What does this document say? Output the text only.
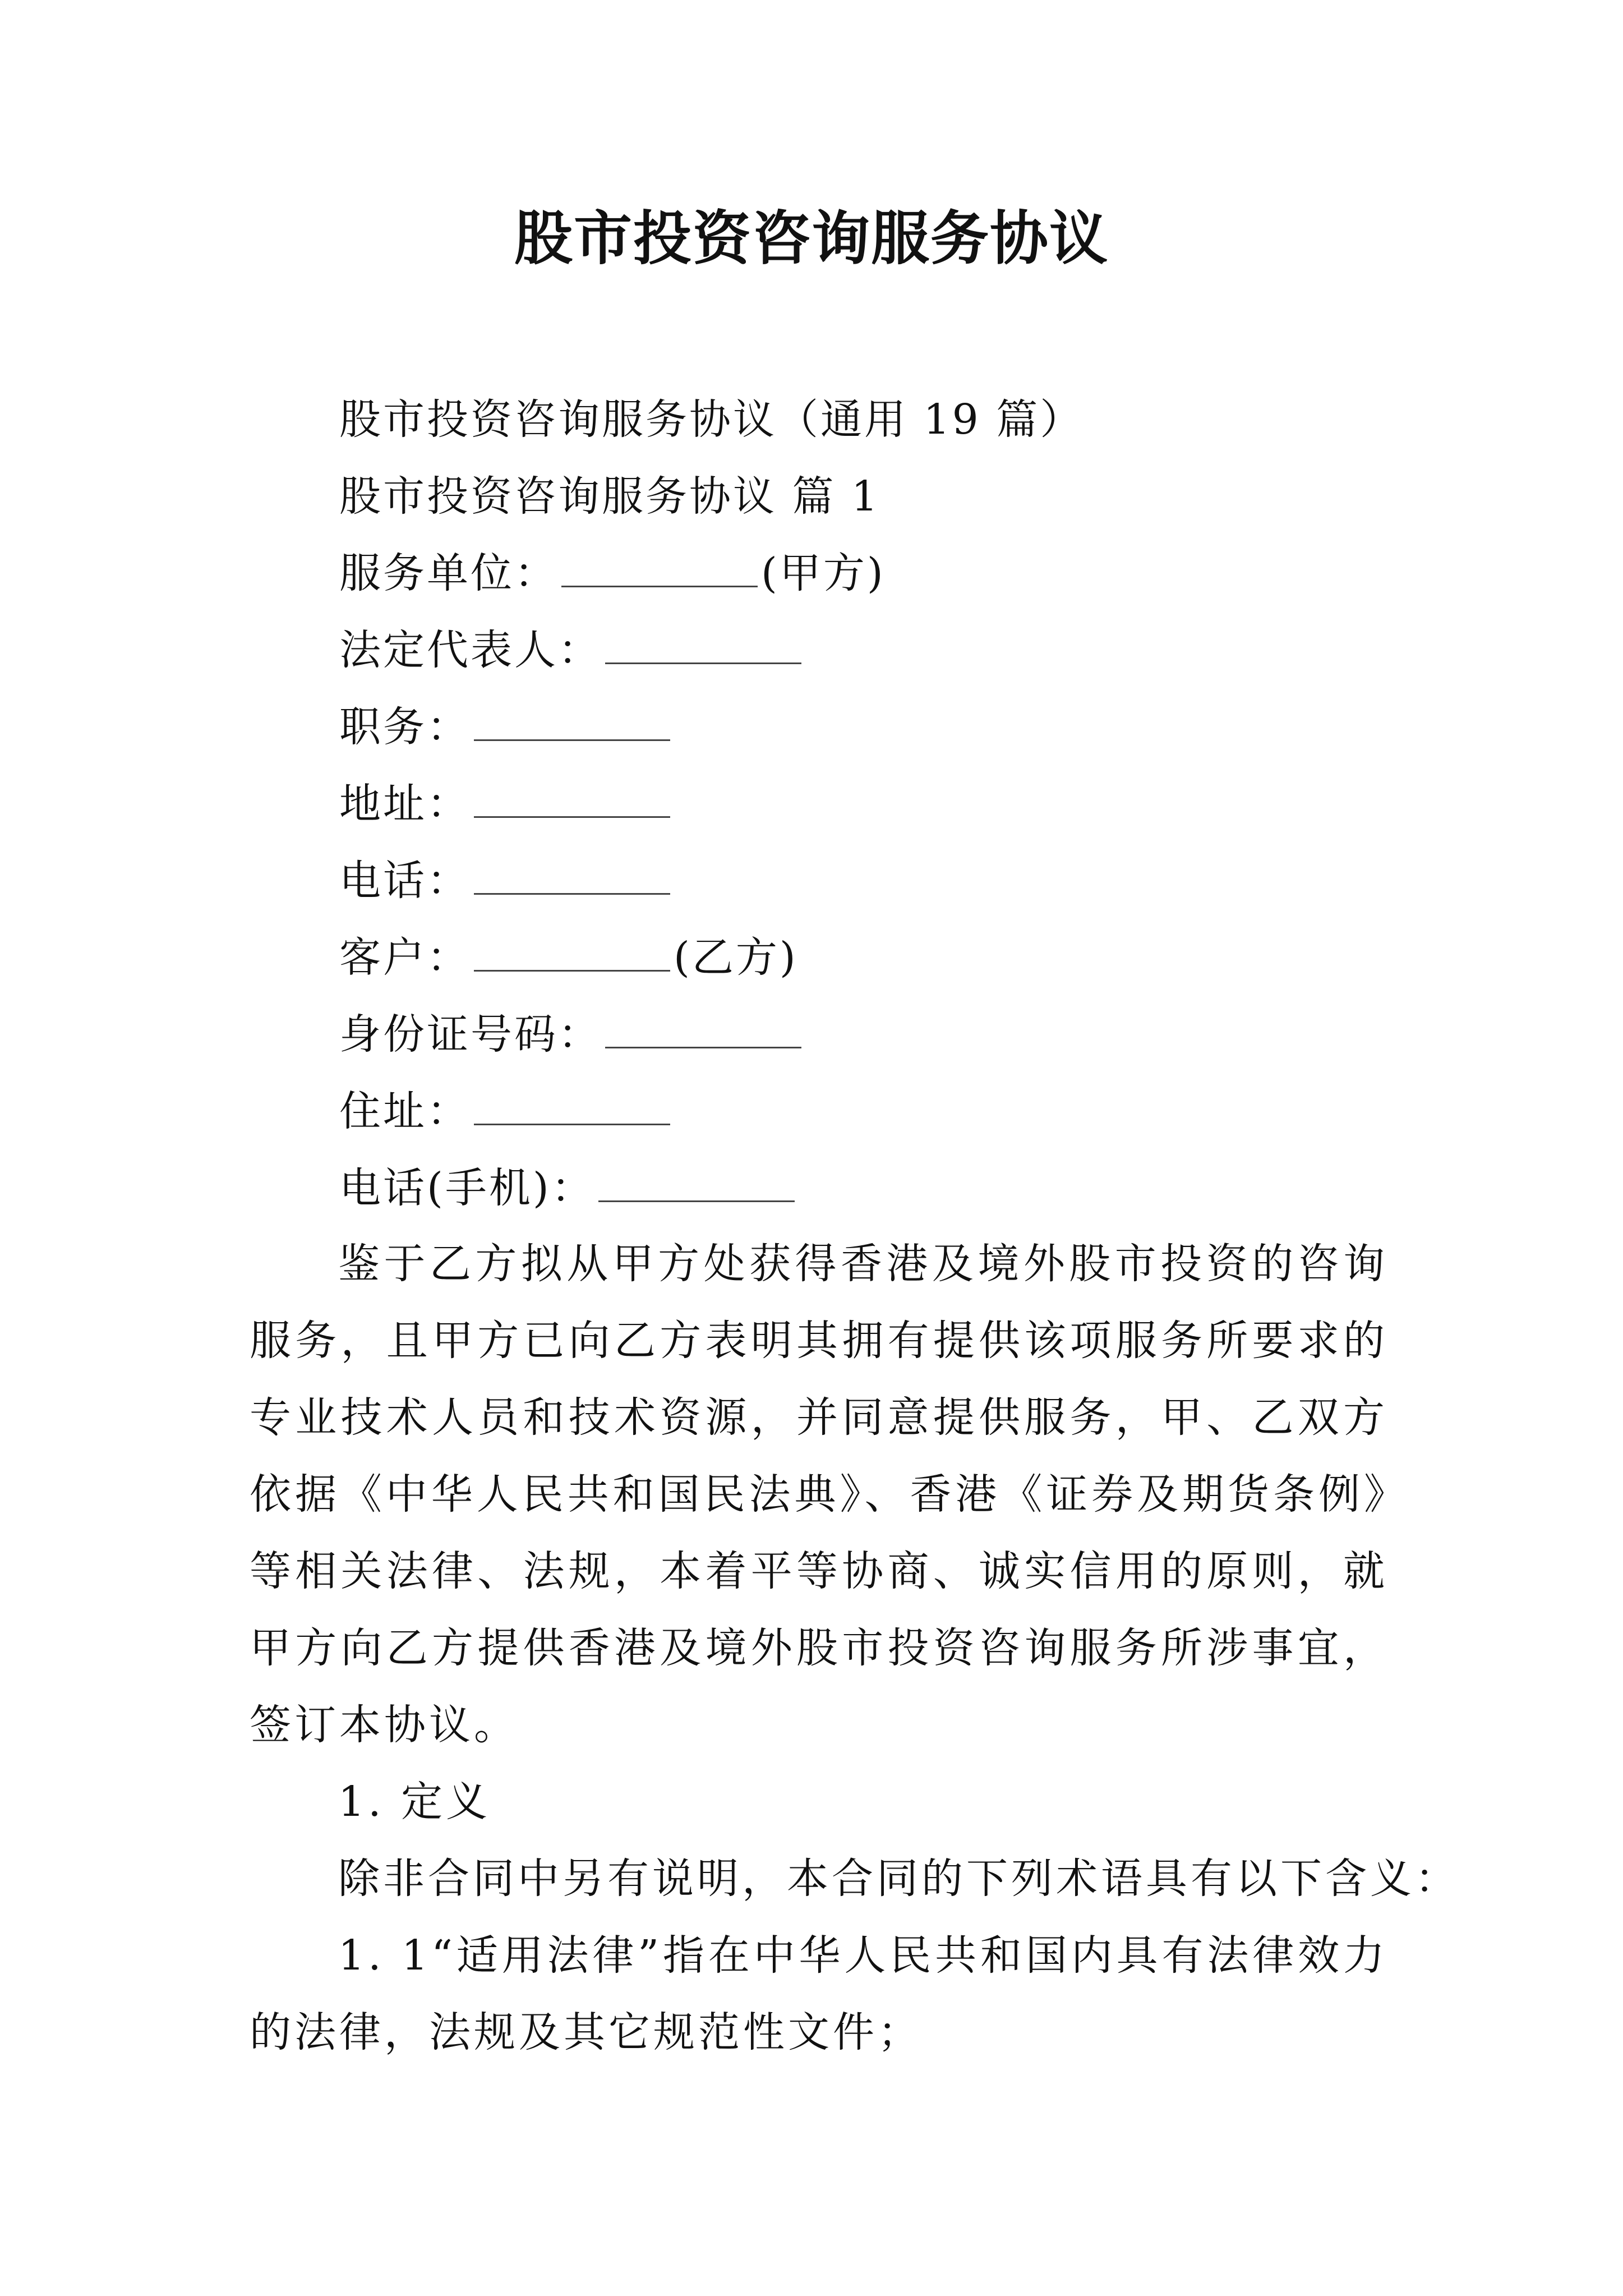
股市投资咨询服务协议
股市投资咨询服务协议（通用 19 篇）
股市投资咨询服务协议 篇 1
服务单位：	(甲方)
法定代表人：
职务：
地址：
电话：
客户：	(乙方)
身份证号码：
住址：
电话(手机)：

鉴于乙方拟从甲方处获得香港及境外股市投资的咨询服务，且甲方已向乙方表明其拥有提供该项服务所要求的专业技术人员和技术资源，并同意提供服务，甲、乙双方依据《中华人民共和国民法典》、香港《证券及期货条例》等相关法律、法规，本着平等协商、诚实信用的原则，就甲方向乙方提供香港及境外股市投资咨询服务所涉事宜，签订本协议。

1. 定义

除非合同中另有说明，本合同的下列术语具有以下含义：

1. 1“适用法律”指在中华人民共和国内具有法律效力的法律，法规及其它规范性文件；
